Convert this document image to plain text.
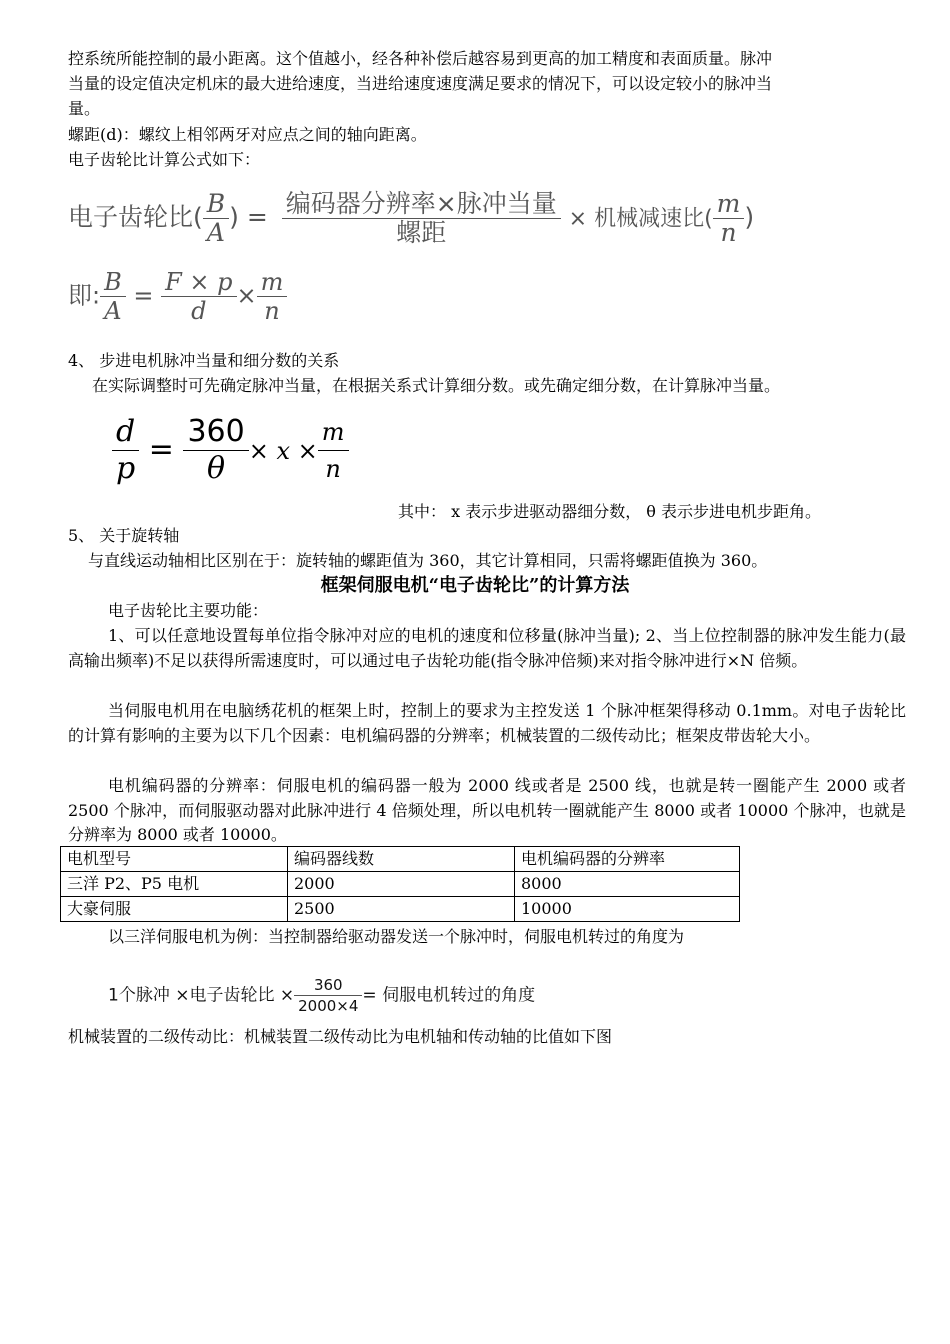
控系统所能控制的最小距离。这个值越小，经各种补偿后越容易到更高的加工精度和表面质量。脉冲
当量的设定值决定机床的最大进给速度，当进给速度速度满足要求的情况下，可以设定较小的脉冲当
量。
螺距(d)：螺纹上相邻两牙对应点之间的轴向距离。
电子齿轮比计算公式如下：
电子齿轮比( $\frac{B}{A}$ ) = $\frac{\text{编码器分辨率×脉冲当量}}{\text{螺距}}$ × 机械减速比( $\frac{m}{n}$ )
即: $\frac{B}{A} = \frac{F \times p}{d} \times \frac{m}{n}$
4、 步进电机脉冲当量和细分数的关系
在实际调整时可先确定脉冲当量，在根据关系式计算细分数。或先确定细分数，在计算脉冲当量。
$\frac{d}{p} = \frac{360}{\theta} \times x \times \frac{m}{n}$
其中： x 表示步进驱动器细分数， θ 表示步进电机步距角。
5、 关于旋转轴
与直线运动轴相比区别在于：旋转轴的螺距值为 360，其它计算相同，只需将螺距值换为 360。
框架伺服电机“电子齿轮比”的计算方法
电子齿轮比主要功能：
1、可以任意地设置每单位指令脉冲对应的电机的速度和位移量(脉冲当量); 2、当上位控制器的脉冲发生能力(最高输出频率)不足以获得所需速度时，可以通过电子齿轮功能(指令脉冲倍频)来对指令脉冲进行×N 倍频。
当伺服电机用在电脑绣花机的框架上时，控制上的要求为主控发送 1 个脉冲框架得移动 0.1mm。对电子齿轮比的计算有影响的主要为以下几个因素：电机编码器的分辨率；机械装置的二级传动比；框架皮带齿轮大小。
电机编码器的分辨率：伺服电机的编码器一般为 2000 线或者是 2500 线，也就是转一圈能产生 2000 或者 2500 个脉冲，而伺服驱动器对此脉冲进行 4 倍频处理，所以电机转一圈就能产生 8000 或者 10000 个脉冲，也就是分辨率为 8000 或者 10000。
电机型号	编码器线数	电机编码器的分辨率
三洋 P2、P5 电机	2000	8000
大豪伺服	2500	10000
以三洋伺服电机为例：当控制器给驱动器发送一个脉冲时，伺服电机转过的角度为
1个脉冲 ×电子齿轮比 × $\frac{360}{2000\times 4}$ = 伺服电机转过的角度
机械装置的二级传动比：机械装置二级传动比为电机轴和传动轴的比值如下图
